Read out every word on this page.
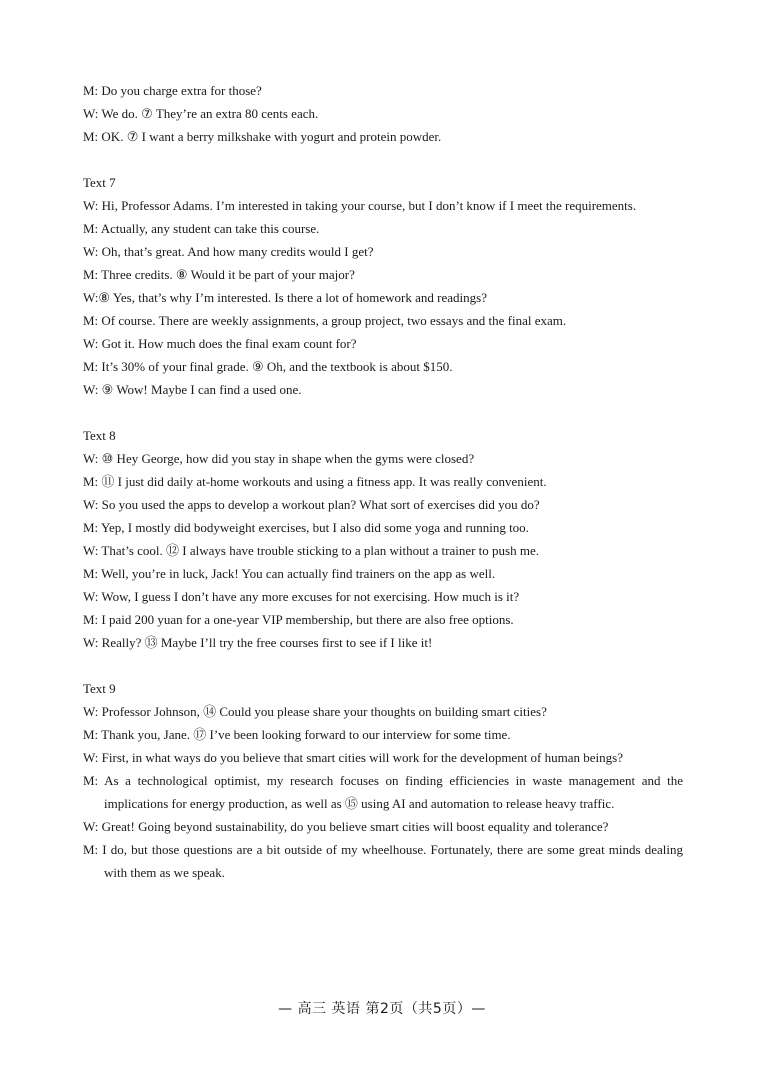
M: Do you charge extra for those?

W: We do. ⑦ They’re an extra 80 cents each.

M: OK. ⑦ I want a berry milkshake with yogurt and protein powder.

Text 7

W: Hi, Professor Adams. I’m interested in taking your course, but I don’t know if I meet the requirements.

M: Actually, any student can take this course.

W: Oh, that’s great. And how many credits would I get?

M: Three credits. ⑧ Would it be part of your major?

W:⑧ Yes, that’s why I’m interested. Is there a lot of homework and readings?

M: Of course. There are weekly assignments, a group project, two essays and the final exam.

W: Got it. How much does the final exam count for?

M: It’s 30% of your final grade. ⑨ Oh, and the textbook is about $150.

W: ⑨ Wow! Maybe I can find a used one.

Text 8

W: ⑩ Hey George, how did you stay in shape when the gyms were closed?

M: ⑪ I just did daily at-home workouts and using a fitness app. It was really convenient.

W: So you used the apps to develop a workout plan? What sort of exercises did you do?

M: Yep, I mostly did bodyweight exercises, but I also did some yoga and running too.

W: That’s cool. ⑫ I always have trouble sticking to a plan without a trainer to push me.

M: Well, you’re in luck, Jack! You can actually find trainers on the app as well.

W: Wow, I guess I don’t have any more excuses for not exercising. How much is it?

M: I paid 200 yuan for a one-year VIP membership, but there are also free options.

W: Really? ⑬ Maybe I’ll try the free courses first to see if I like it!

Text 9

W: Professor Johnson, ⑭ Could you please share your thoughts on building smart cities?

M: Thank you, Jane. ⑰ I’ve been looking forward to our interview for some time.

W: First, in what ways do you believe that smart cities will work for the development of human beings?

M: As a technological optimist, my research focuses on finding efficiencies in waste management and the implications for energy production, as well as ⑮ using AI and automation to release heavy traffic.

W: Great! Going beyond sustainability, do you believe smart cities will boost equality and tolerance?

M: I do, but those questions are a bit outside of my wheelhouse. Fortunately, there are some great minds dealing with them as we speak.

— 高三 英语 第2页（共5页）—
